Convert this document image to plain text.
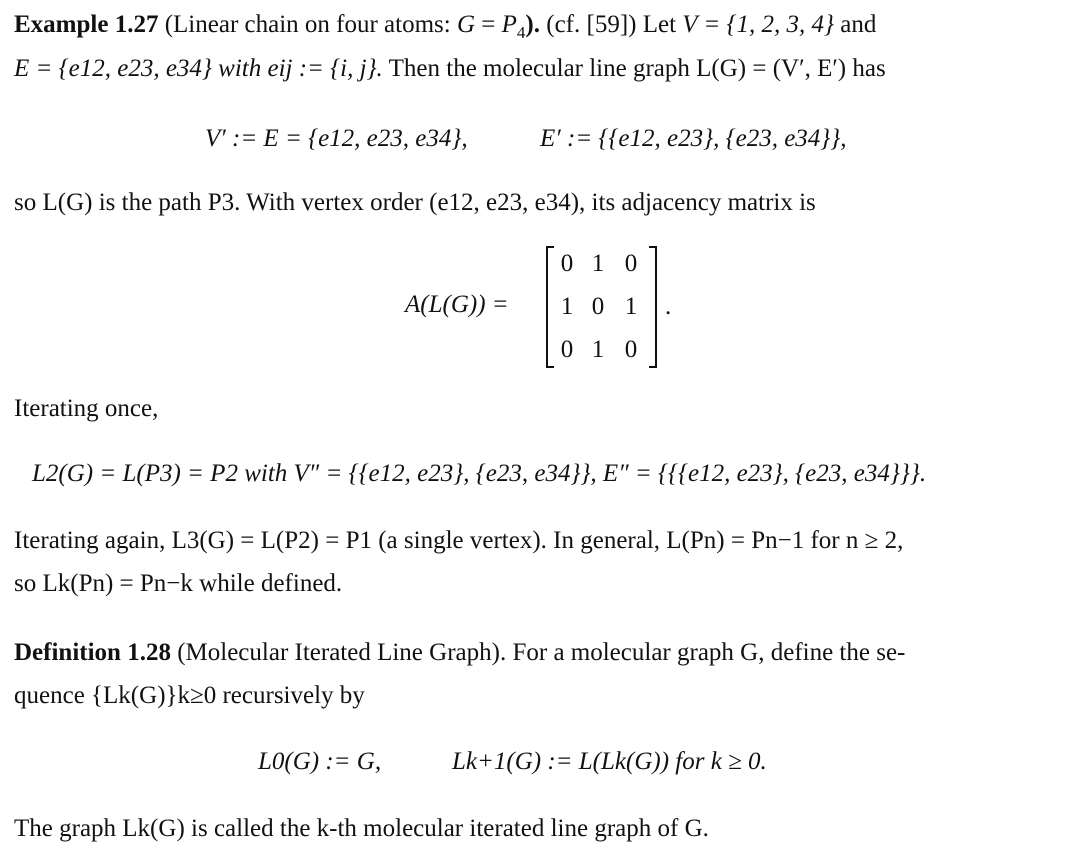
Example 1.27 (Linear chain on four atoms: $G = P_4$). (cf. [59]) Let V = {1, 2, 3, 4} and
E = {e12, e23, e34} with eij := {i, j}. Then the molecular line graph L(G) = (V′, E′) has
V′ := E = {e12, e23, e34},	E′ := {{e12, e23}, {e23, e34}},
so L(G) is the path P3. With vertex order (e12, e23, e34), its adjacency matrix is
A(L(G)) =
0 1 0
1 0 1
0 1 0
.
Iterating once,
L2(G) = L(P3) = P2 with V″ = {{e12, e23}, {e23, e34}}, E″ = {{{e12, e23}, {e23, e34}}}.
Iterating again, L3(G) = L(P2) = P1 (a single vertex). In general, L(Pn) = Pn−1 for n ≥ 2,
so Lk(Pn) = Pn−k while defined.
Definition 1.28 (Molecular Iterated Line Graph). For a molecular graph G, define the se-
quence {Lk(G)}k≥0 recursively by
L0(G) := G,	Lk+1(G) := L(Lk(G)) for k ≥ 0.
The graph Lk(G) is called the k-th molecular iterated line graph of G.
